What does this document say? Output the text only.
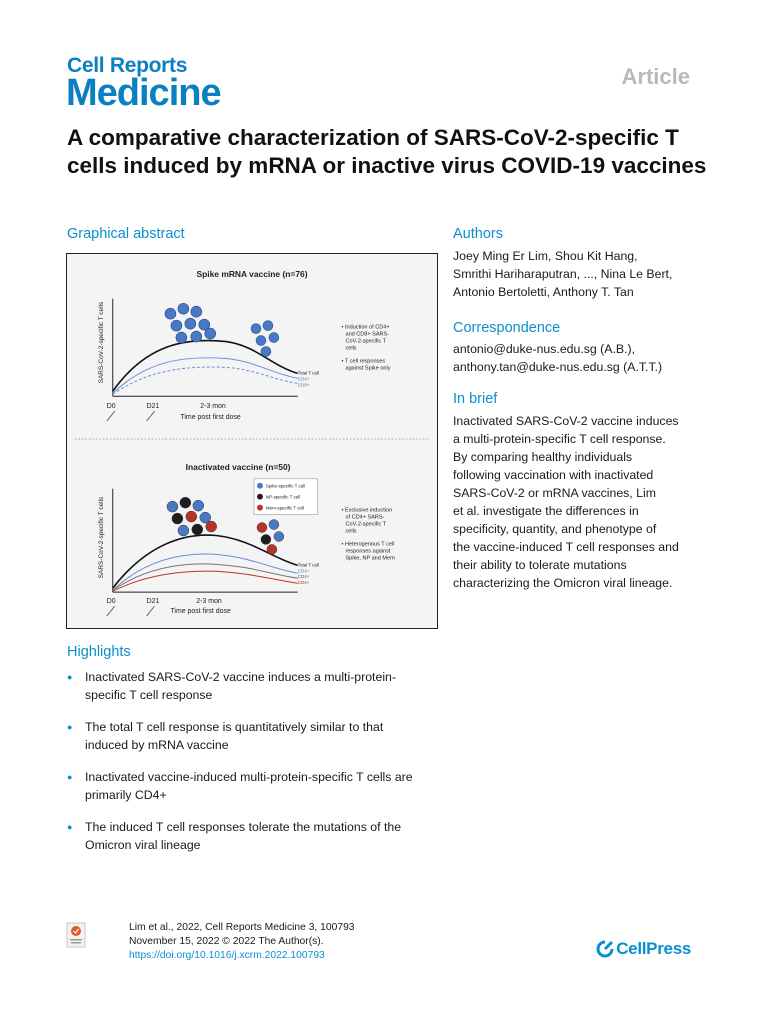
Cell Reports
Medicine	Article
A comparative characterization of SARS-CoV-2-specific T cells induced by mRNA or inactive virus COVID-19 vaccines
Graphical abstract
Spike mRNA vaccine (n=76)
SARS-CoV-2-specific T cells
D0	D21	2-3 mon
Time post first dose
Total T cell
CD4+
CD8+
• Induction of CD4+
and CD8+ SARS-
CoV-2-specific T
cells
• T cell responses
against Spike only
Inactivated vaccine (n=50)
SARS-CoV-2-specific T cells
D0	D21	2-3 mon
Time post first dose
Total T cell
CD4+
CD4+
CD4+
Spike-specific T cell
NP-specific T cell
Mem-specific T cell	• Exclusive induction
of CD4+ SARS-
CoV-2-specific T
cells
• Heterogenous T cell
responses against
Spike, NP and Mem
Authors
Joey Ming Er Lim, Shou Kit Hang,
Smrithi Hariharaputran, ..., Nina Le Bert,
Antonio Bertoletti, Anthony T. Tan
Correspondence
antonio@duke-nus.edu.sg (A.B.),
anthony.tan@duke-nus.edu.sg (A.T.T.)
In brief
Inactivated SARS-CoV-2 vaccine induces
a multi-protein-specific T cell response.
By comparing healthy individuals
following vaccination with inactivated
SARS-CoV-2 or mRNA vaccines, Lim
et al. investigate the differences in
specificity, quantity, and phenotype of
the vaccine-induced T cell responses and
their ability to tolerate mutations
characterizing the Omicron viral lineage.
Highlights
● Inactivated SARS-CoV-2 vaccine induces a multi-protein-
specific T cell response
● The total T cell response is quantitatively similar to that
induced by mRNA vaccine
● Inactivated vaccine-induced multi-protein-specific T cells are
primarily CD4+
● The induced T cell responses tolerate the mutations of the
Omicron viral lineage
Lim et al., 2022, Cell Reports Medicine 3, 100793
November 15, 2022 © 2022 The Author(s).
https://doi.org/10.1016/j.xcrm.2022.100793	CellPress
